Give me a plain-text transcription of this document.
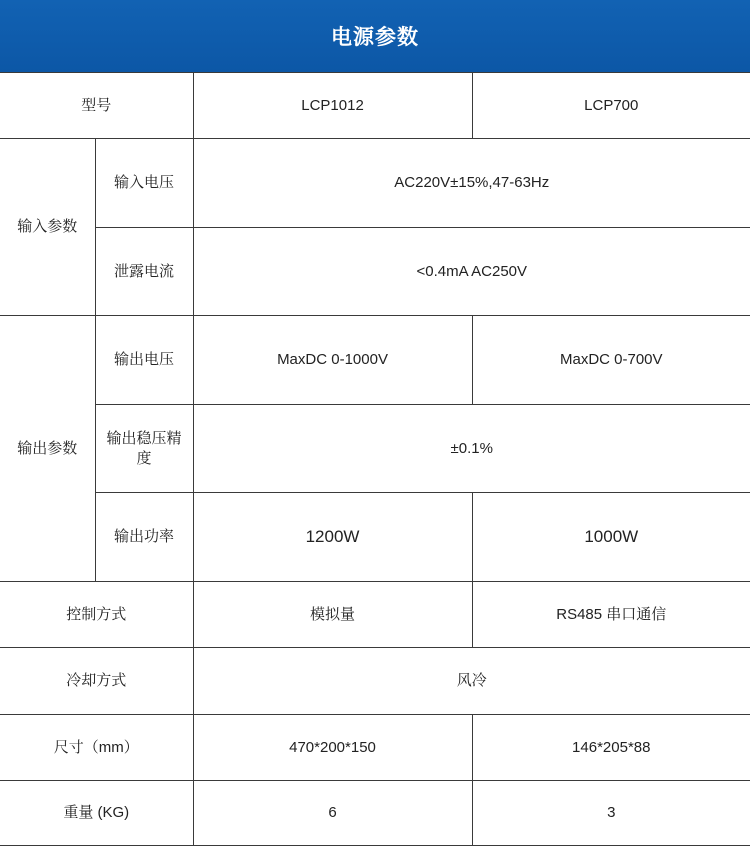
电源参数
型号		LCP1012	LCP700
输入参数	输入电压	AC220V±15%,47-63Hz	
	泄露电流	<0.4mA AC250V	
输出参数	输出电压	MaxDC 0-1000V	MaxDC 0-700V
	输出稳压精度	±0.1%	
	输出功率	1200W	1000W
控制方式		模拟量	RS485 串口通信
冷却方式		风冷	
尺寸（mm）		470*200*150	146*205*88
重量 (KG)		6	3
